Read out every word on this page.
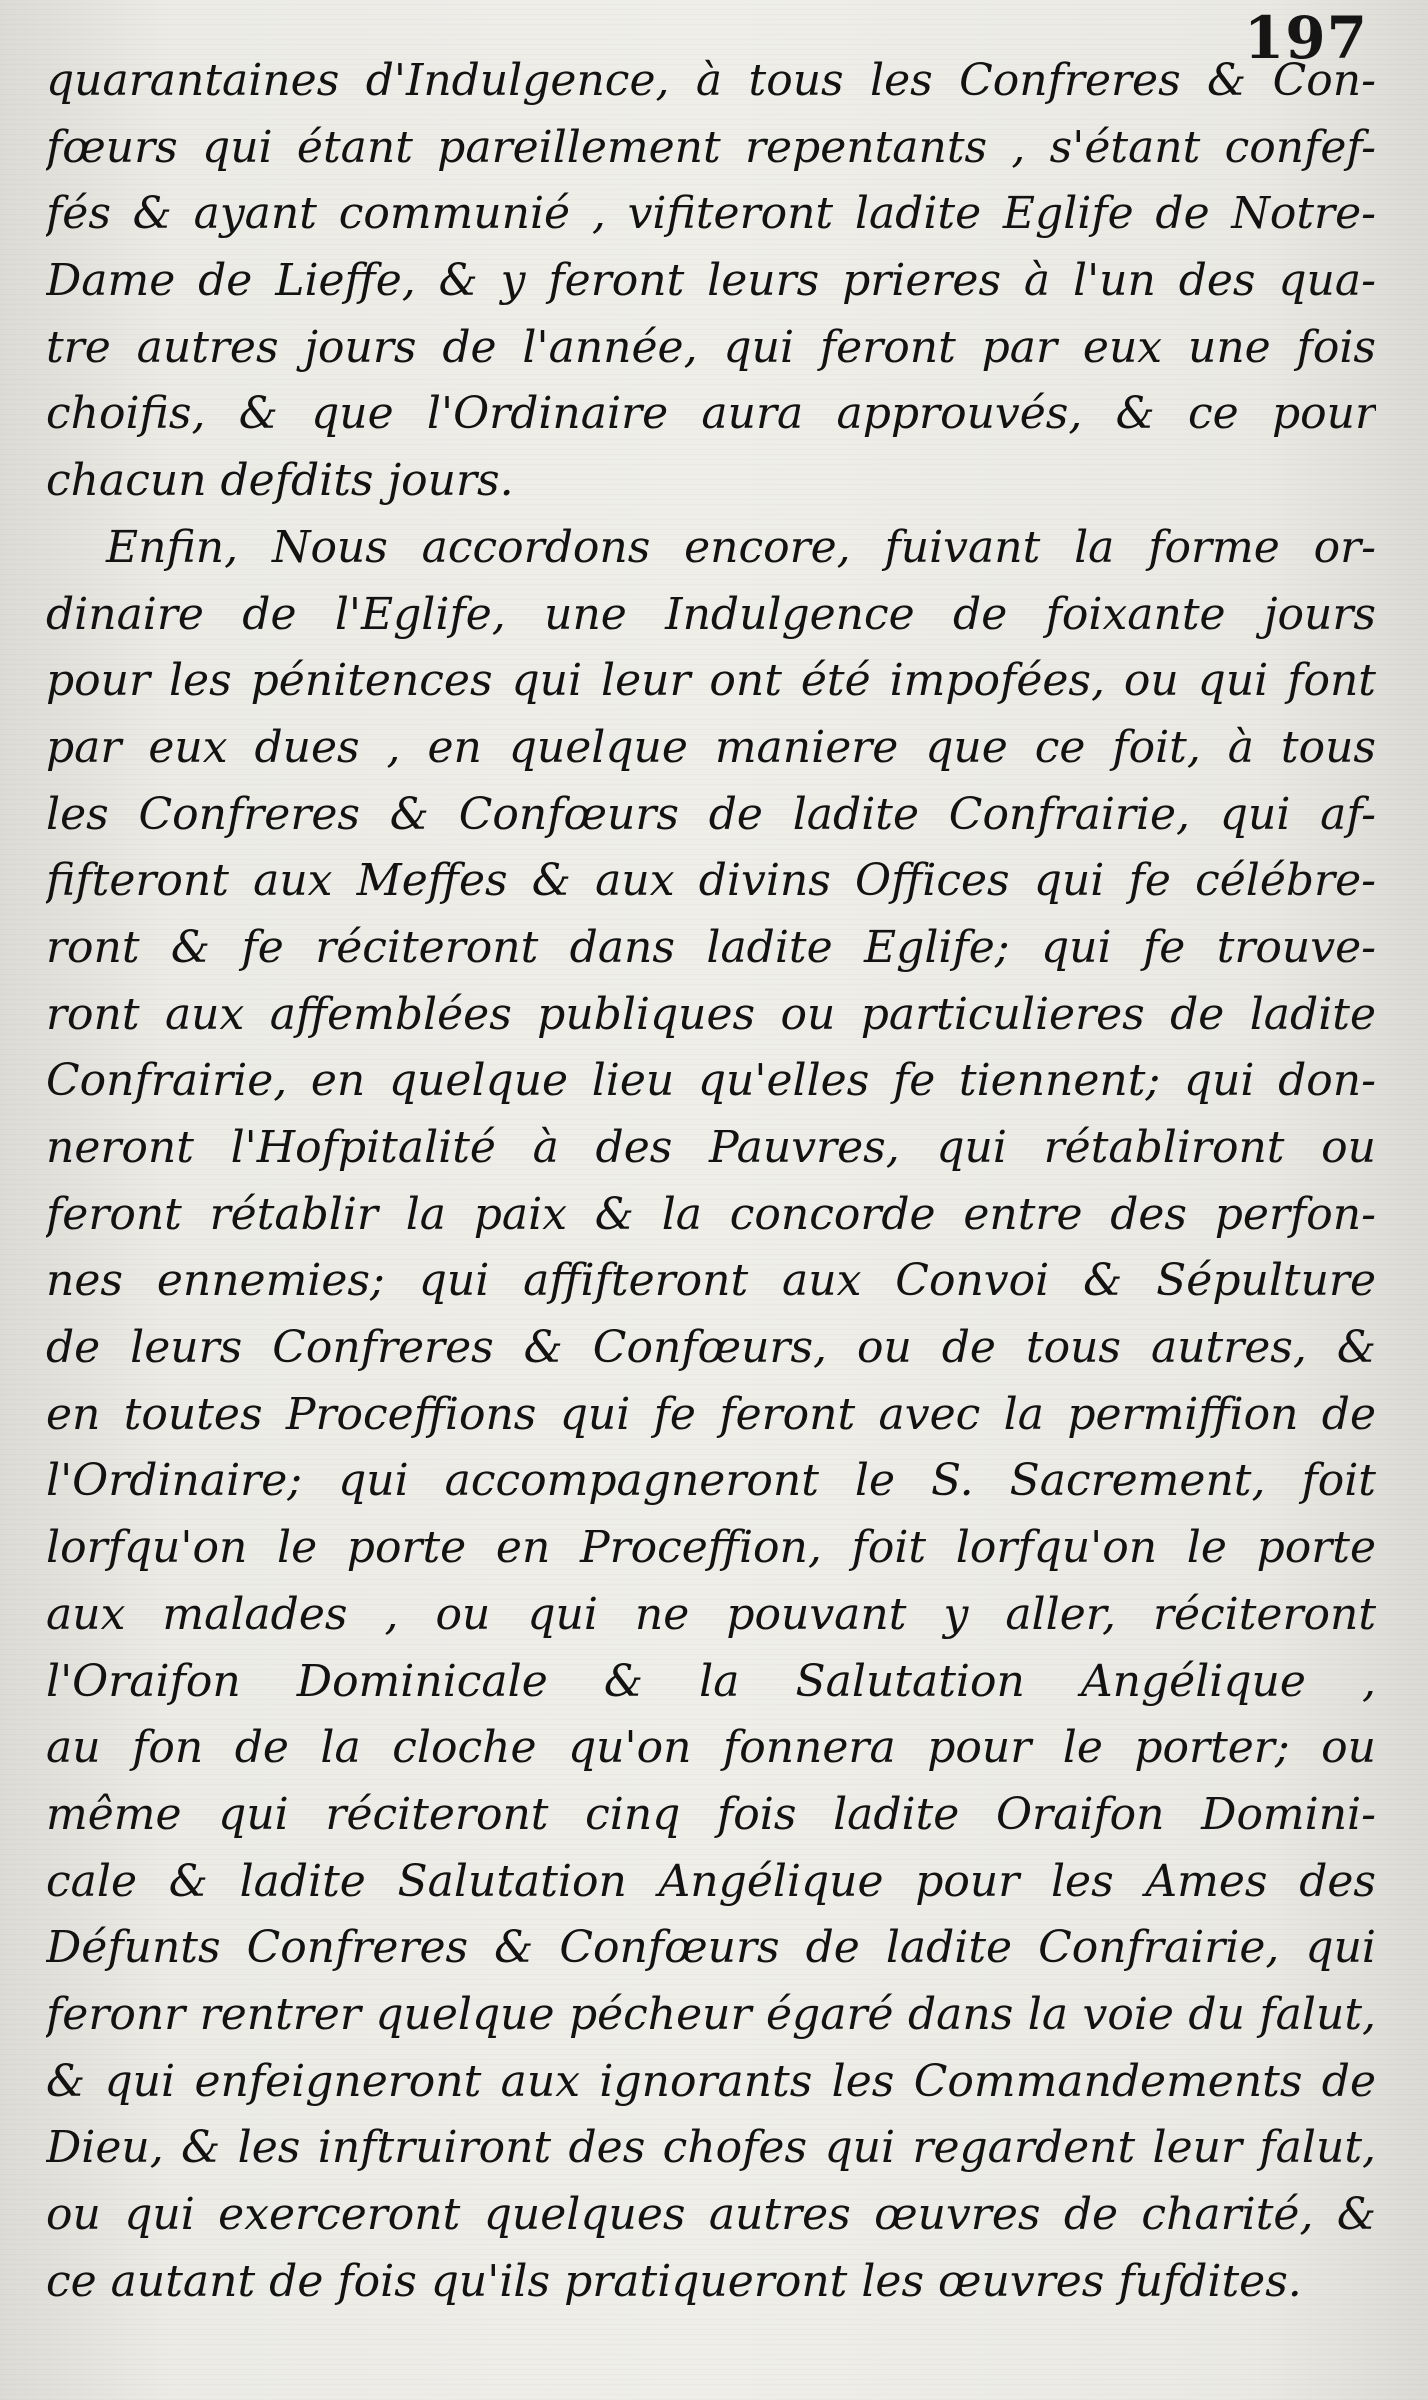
197
quarantaines d'Indulgence, à tous les Confreres & Con-
fœurs qui étant pareillement repentants , s'étant confef-
fés & ayant communié , vifiteront ladite Eglife de Notre-
Dame de Lieffe, & y feront leurs prieres à l'un des qua-
tre autres jours de l'année, qui feront par eux une fois
choifis, & que l'Ordinaire aura approuvés, & ce pour
chacun defdits jours.
Enfin, Nous accordons encore, fuivant la forme or-
dinaire de l'Eglife, une Indulgence de foixante jours
pour les pénitences qui leur ont été impofées, ou qui font
par eux dues , en quelque maniere que ce foit, à tous
les Confreres & Confœurs de ladite Confrairie, qui af-
fifteront aux Meffes & aux divins Offices qui fe célébre-
ront & fe réciteront dans ladite Eglife; qui fe trouve-
ront aux affemblées publiques ou particulieres de ladite
Confrairie, en quelque lieu qu'elles fe tiennent; qui don-
neront l'Hofpitalité à des Pauvres, qui rétabliront ou
feront rétablir la paix & la concorde entre des perfon-
nes ennemies; qui affifteront aux Convoi & Sépulture
de leurs Confreres & Confœurs, ou de tous autres, &
en toutes Proceffions qui fe feront avec la permiffion de
l'Ordinaire; qui accompagneront le S. Sacrement, foit
lorfqu'on le porte en Proceffion, foit lorfqu'on le porte
aux malades , ou qui ne pouvant y aller, réciteront
l'Oraifon Dominicale & la Salutation Angélique ,
au fon de la cloche qu'on fonnera pour le porter; ou
même qui réciteront cinq fois ladite Oraifon Domini-
cale & ladite Salutation Angélique pour les Ames des
Défunts Confreres & Confœurs de ladite Confrairie, qui
feronr rentrer quelque pécheur égaré dans la voie du falut,
& qui enfeigneront aux ignorants les Commandements de
Dieu, & les inftruiront des chofes qui regardent leur falut,
ou qui exerceront quelques autres œuvres de charité, &
ce autant de fois qu'ils pratiqueront les œuvres fufdites.
